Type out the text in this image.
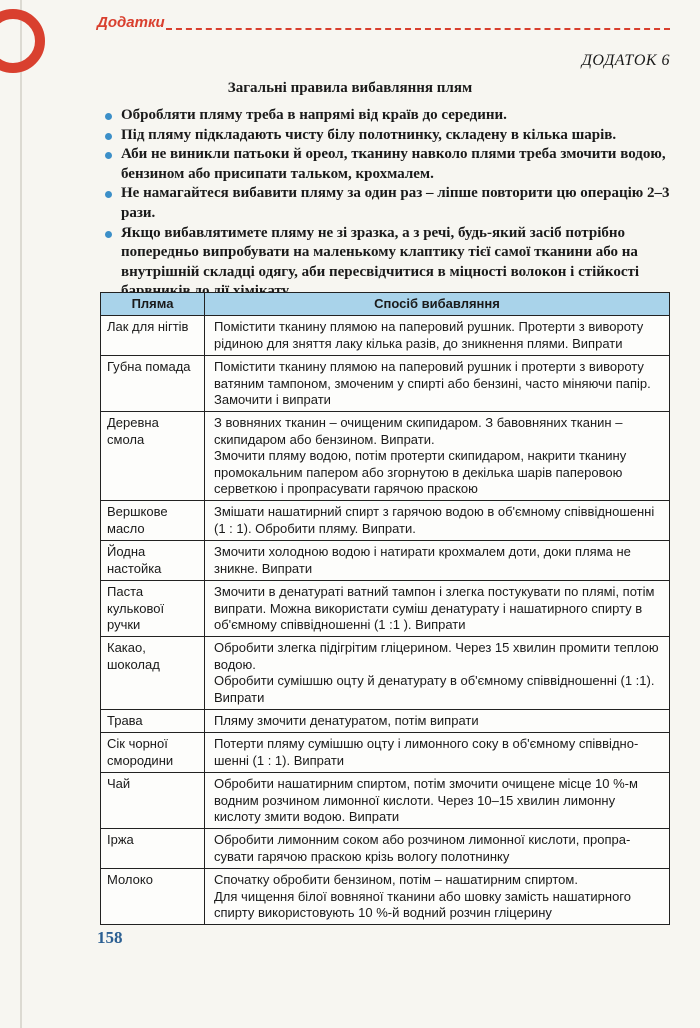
Додатки

ДОДАТОК 6

Загальні правила вибавляння плям
Обробляти пляму треба в напрямі від країв до середини.
Під пляму підкладають чисту білу полотнинку, складену в кілька шарів.
Аби не виникли патьоки й ореол, тканину навколо плями треба змочити водою, бензином або присипати тальком, крохмалем.
Не намагайтеся вибавити пляму за один раз – ліпше повторити цю операцію 2–3 рази.
Якщо вибавлятимете пляму не зі зразка, а з речі, будь-який засіб потрібно попередньо випробувати на маленькому клаптику тієї самої тканини або на внутрішній складці одягу, аби пересвідчитися в міцності волокон і стійкості
Пляма	Спосіб вибавляння
Лак для нігтів	Помістити тканину плямою на паперовий рушник. Протерти з вивороту рідиною для зняття лаку кілька разів, до зникнення плями. Випрати
Губна помада	Помістити тканину плямою на паперовий рушник і протерти з вивороту ватяним тампоном, змоченим у спирті або бензині, часто міняючи папір. Замочити і випрати
Деревна смола	З вовняних тканин – очищеним скипидаром. З бавовняних тканин – скипидаром або бензином. Випрати.
Змочити пляму водою, потім протерти скипидаром, накрити тканину промокальним папером або згорнутою в декілька шарів паперовою серветкою і пропрасувати гарячою праскою
Вершкове масло	Змішати нашатирний спирт з гарячою водою в об'ємному співвідношенні (1 : 1). Обробити пляму. Випрати.
Йодна настойка	Змочити холодною водою і натирати крохмалем доти, доки пляма не зникне. Випрати
Паста кулькової ручки	Змочити в денатураті ватний тампон і злегка постукувати по плямі, потім випрати. Можна використати суміш денатурату і нашатирного спирту в об'ємному співвідношенні (1 :1 ). Випрати
Какао, шоколад	Обробити злегка підігрітим гліцерином. Через 15 хвилин промити теплою водою.
Обробити сумішшю оцту й денатурату в об'ємному співвідношенні (1 :1). Випрати
Трава	Пляму змочити денатуратом, потім випрати
Сік чорної смородини	Потерти пляму сумішшю оцту і лимонного соку в об'ємному співвідношенні (1 : 1). Випрати
Чай	Обробити нашатирним спиртом, потім змочити очищене місце 10 %-м водним розчином лимонної кислоти. Через 10–15 хвилин лимонну кислоту змити водою. Випрати
Іржа	Обробити лимонним соком або розчином лимонної кислоти, пропрасувати гарячою праскою крізь вологу полотнинку
Молоко	Спочатку обробити бензином, потім – нашатирним спиртом.
Для чищення білої вовняної тканини або шовку замість нашатирного спирту використовують 10 %-й водний розчин гліцерину

158
